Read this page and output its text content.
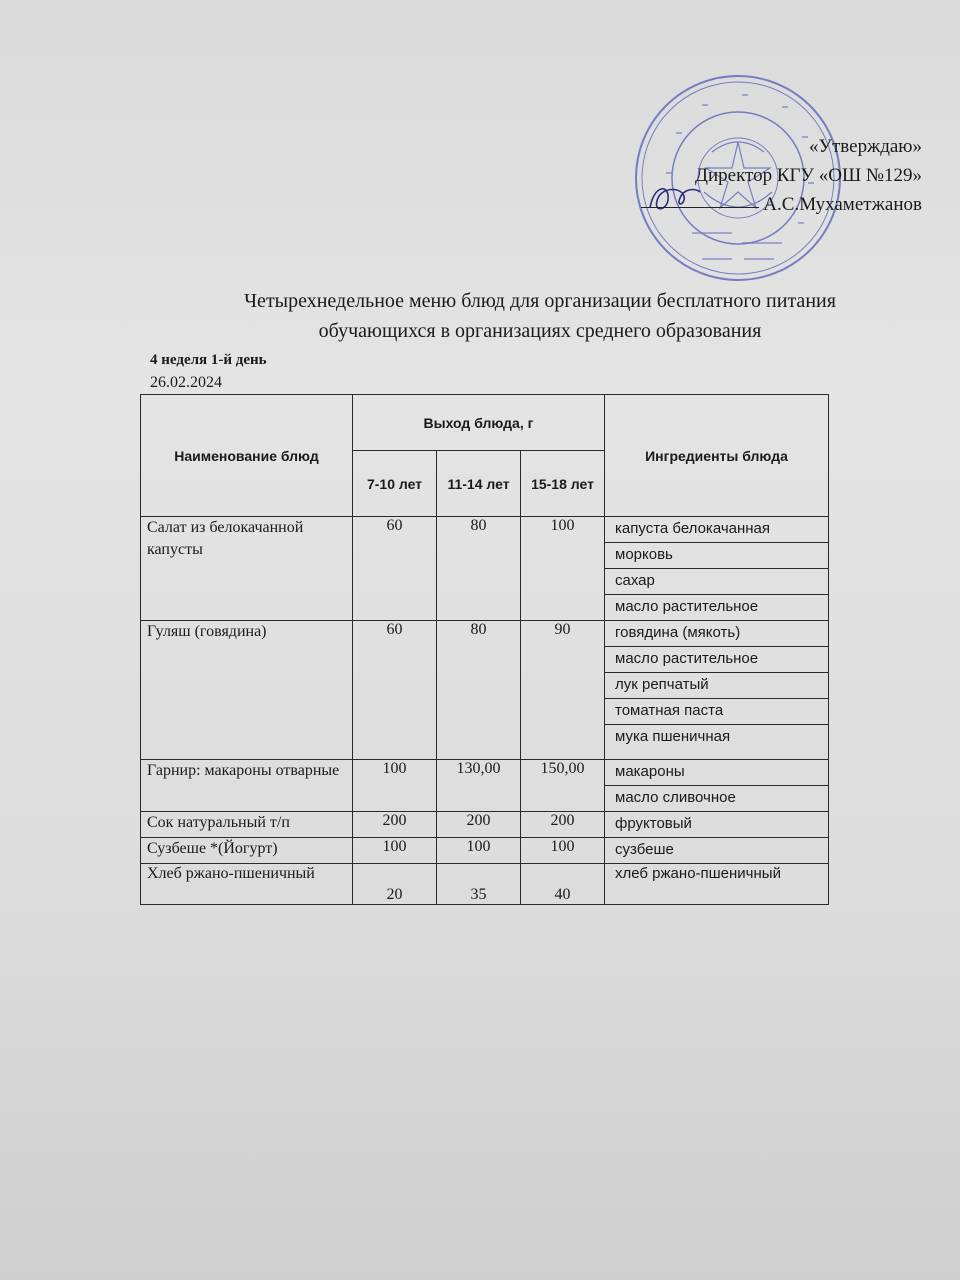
«Утверждаю»
Директор КГУ «ОШ №129»
А.С.Мухаметжанов
Четырехнедельное меню блюд для организации бесплатного питания
обучающихся в организациях среднего образования
4 неделя 1-й день
26.02.2024
Наименование блюд	Выход блюда, г			Ингредиенты блюда
	7-10 лет	11-14 лет	15-18 лет	
Салат из белокачанной капусты	60	80	100	капуста белокачанная
				морковь
				сахар
				масло растительное
Гуляш (говядина)	60	80	90	говядина (мякоть)
				масло растительное
				лук репчатый
				томатная паста
				мука пшеничная
Гарнир: макароны отварные	100	130,00	150,00	макароны
				масло сливочное
Сок натуральный т/п	200	200	200	фруктовый
Сузбеше *(Йогурт)	100	100	100	сузбеше
Хлеб ржано-пшеничный	20	35	40	хлеб ржано-пшеничный
